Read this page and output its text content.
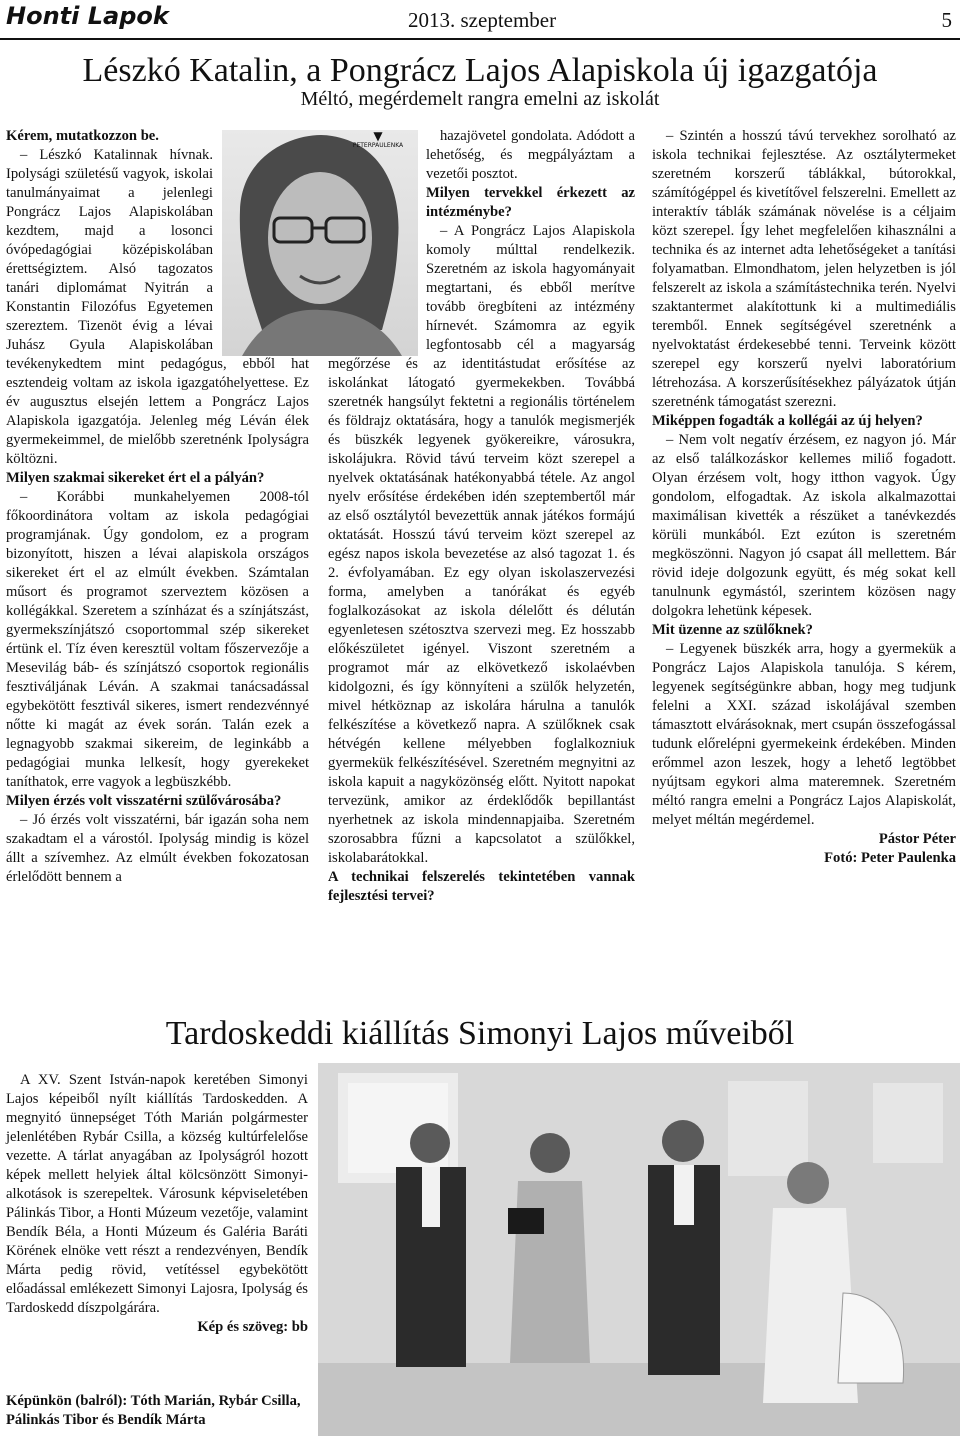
Honti Lapok	2013. szeptember	5
Lészkó Katalin, a Pongrácz Lajos Alapiskola új igazgatója
Méltó, megérdemelt rangra emelni az iskolát
▼
PETERPAULENKA

Kérem, mutatkozzon be.

– Lészkó Katalinnak hívnak. Ipolysági születésű vagyok, iskolai tanulmányaimat a jelenlegi Pongrácz Lajos Alapiskolában kezdtem, majd a losonci óvópedagógiai középiskolában érettségiztem. Alsó tagozatos tanári diplomámat Nyitrán a Konstantin Filozófus Egyetemen szereztem. Tizenöt évig a lévai Juhász Gyula Alapiskolában tevékenykedtem mint pedagógus, ebből hat esztendeig voltam az iskola igazgatóhelyettese. Ez év augusztus elsején lettem a Pongrácz Lajos Alapiskola igazgatója. Jelenleg még Léván élek gyermekeimmel, de mielőbb szeretnénk Ipolyságra költözni.

Milyen szakmai sikereket ért el a pályán?

– Korábbi munkahelyemen 2008-tól főkoordinátora voltam az iskola pedagógiai programjának. Úgy gondolom, ez a program bizonyított, hiszen a lévai alapiskola országos sikereket ért el az elmúlt években. Számtalan műsort és programot szerveztem közösen a kollégákkal. Szeretem a színházat és a színjátszást, gyermekszínjátszó csoportommal szép sikereket értünk el. Tíz éven keresztül voltam főszervezője a Mesevilág báb- és színjátszó csoportok regionális fesztiváljának Léván. A szakmai tanácsadással egybekötött fesztivál sikeres, ismert rendezvénnyé nőtte ki magát az évek során. Talán ezek a legnagyobb szakmai sikereim, de leginkább a pedagógiai munka lelkesít, hogy gyerekeket taníthatok, erre vagyok a legbüszkébb.

Milyen érzés volt visszatérni szülővárosába?

– Jó érzés volt visszatérni, bár igazán soha nem szakadtam el a várostól. Ipolyság mindig is közel állt a szívemhez. Az elmúlt években fokozatosan érlelődött bennem a

hazajövetel gondolata. Adódott a lehetőség, és megpályáztam a vezetői posztot.

Milyen tervekkel érkezett az intézménybe?

– A Pongrácz Lajos Alapiskola komoly múlttal rendelkezik. Szeretném az iskola hagyományait megtartani, és ebből merítve tovább öregbíteni az intézmény hírnevét. Számomra az egyik legfontosabb cél a magyarság megőrzése és az identitástudat erősítése az iskolánkat látogató gyermekekben. Továbbá szeretnék hangsúlyt fektetni a regionális történelem és földrajz oktatására, hogy a tanulók megismerjék és büszkék legyenek gyökereikre, városukra, iskolájukra. Rövid távú terveim közt szerepel a nyelvek oktatásának hatékonyabbá tétele. Az angol nyelv erősítése érdekében idén szeptembertől már az első osztálytól bevezettük annak játékos formájú oktatását. Hosszú távú terveim közt szerepel az egész napos iskola bevezetése az alsó tagozat 1. és 2. évfolyamában. Ez egy olyan iskolaszervezési forma, amelyben a tanórákat és egyéb foglalkozásokat az iskola délelőtt és délután egyenletesen szétosztva szervezi meg. Ez hosszabb előkészületet igényel. Viszont szeretném a programot már az elkövetkező iskolaévben kidolgozni, és így könnyíteni a szülők helyzetén, mivel hétköznap az iskolára hárulna a tanulók felkészítése a következő napra. A szülőknek csak hétvégén kellene mélyebben foglalkozniuk gyermekük felkészítésével. Szeretném megnyitni az iskola kapuit a nagyközönség előtt. Nyitott napokat tervezünk, amikor az érdeklődők bepillantást nyerhetnek az iskola mindennapjaiba. Szeretném szorosabbra fűzni a kapcsolatot a szülőkkel, iskolabarátokkal.

A technikai felszerelés tekintetében vannak fejlesztési tervei?

– Szintén a hosszú távú tervekhez sorolható az iskola technikai fejlesztése. Az osztálytermeket szeretném korszerű táblákkal, bútorokkal, számítógéppel és kivetítővel felszerelni. Emellett az interaktív táblák számának növelése is a céljaim közt szerepel. Így lehet megfelelően kihasználni a technika és az internet adta lehetőségeket a tanítási folyamatban. Elmondhatom, jelen helyzetben is jól felszerelt az iskola a számítástechnika terén. Nyelvi szaktantermet alakítottunk ki a multimediális teremből. Ennek segítségével szeretnénk a nyelvoktatást érdekesebbé tenni. Terveink között szerepel egy korszerű nyelvi laboratórium létrehozása. A korszerűsítésekhez pályázatok útján szeretnénk támogatást szerezni.

Miképpen fogadták a kollégái az új helyen?

– Nem volt negatív érzésem, ez nagyon jó. Már az első találkozáskor kellemes miliő fogadott. Olyan érzésem volt, hogy itthon vagyok. Úgy gondolom, elfogadtak. Az iskola alkalmazottai maximálisan kivették a részüket a tanévkezdés körüli munkából. Ezt ezúton is szeretném megköszönni. Nagyon jó csapat áll mellettem. Bár rövid ideje dolgozunk együtt, és még sokat kell tanulnunk egymástól, szerintem közösen nagy dolgokra lehetünk képesek.

Mit üzenne az szülőknek?

– Legyenek büszkék arra, hogy a gyermekük a Pongrácz Lajos Alapiskola tanulója. S kérem, legyenek segítségünkre abban, hogy meg tudjunk felelni a XXI. század iskolájával szemben támasztott elvárásoknak, mert csupán összefogással tudunk előrelépni gyermekeink érdekében. Minden erőmmel azon leszek, hogy a lehető legtöbbet nyújtsam egykori alma materemnek. Szeretném méltó rangra emelni a Pongrácz Lajos Alapiskolát, melyet méltán megérdemel.

Pástor Péter

Fotó: Peter Paulenka

Tardoskeddi kiállítás Simonyi Lajos műveiből

A XV. Szent István-napok keretében Simonyi Lajos képeiből nyílt kiállítás Tardoskedden. A megnyitó ünnepséget Tóth Marián polgármester jelenlétében Rybár Csilla, a község kultúrfelelőse vezette. A tárlat anyagában az Ipolyságról hozott képek mellett helyiek által kölcsönzött Simonyi-alkotások is szerepeltek. Városunk képviseletében Pálinkás Tibor, a Honti Múzeum vezetője, valamint Bendík Béla, a Honti Múzeum és Galéria Baráti Körének elnöke vett részt a rendezvényen, Bendík Márta pedig rövid, vetítéssel egybekötött előadással emlékezett Simonyi Lajosra, Ipolyság és Tardoskedd díszpolgárára.

Kép és szöveg: bb

Képünkön (balról): Tóth Marián, Rybár Csilla, Pálinkás Tibor és Bendík Márta
